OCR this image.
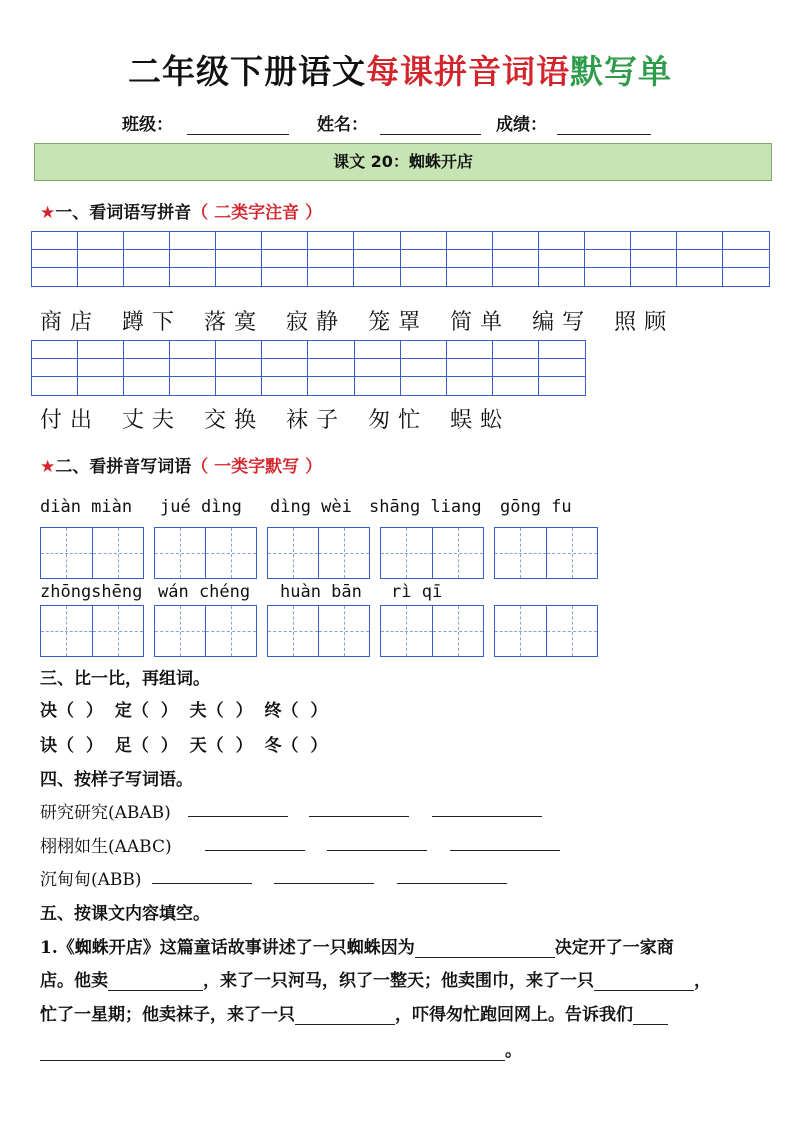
二年级下册语文每课拼音词语默写单
班级：	姓名：	成绩：
课文 20：蜘蛛开店
★一、看词语写拼音（ 二类字注音 ）
商店 蹲下 落寞 寂静 笼罩 简单 编写 照顾
付出 丈夫 交换 袜子 匆忙 蜈蚣
★二、看拼音写词语（ 一类字默写 ）
diàn miàn jué dìng dìng wèi shāng liang gōng fu
zhōngshēng wán chéng huàn bān rì qī
三、比一比，再组词。
决（ ） 定（ ） 夫（ ） 终（ ）
诀（ ） 足（ ） 天（ ） 冬（ ）
四、按样子写词语。
研究研究(ABAB)
栩栩如生(AABC)
沉甸甸(ABB)
五、按课文内容填空。
1.《蜘蛛开店》这篇童话故事讲述了一只蜘蛛因为	决定开了一家商
店。他卖	，来了一只河马，织了一整天；他卖围巾，来了一只	，
忙了一星期；他卖袜子，来了一只	，吓得匆忙跑回网上。告诉我们
。
